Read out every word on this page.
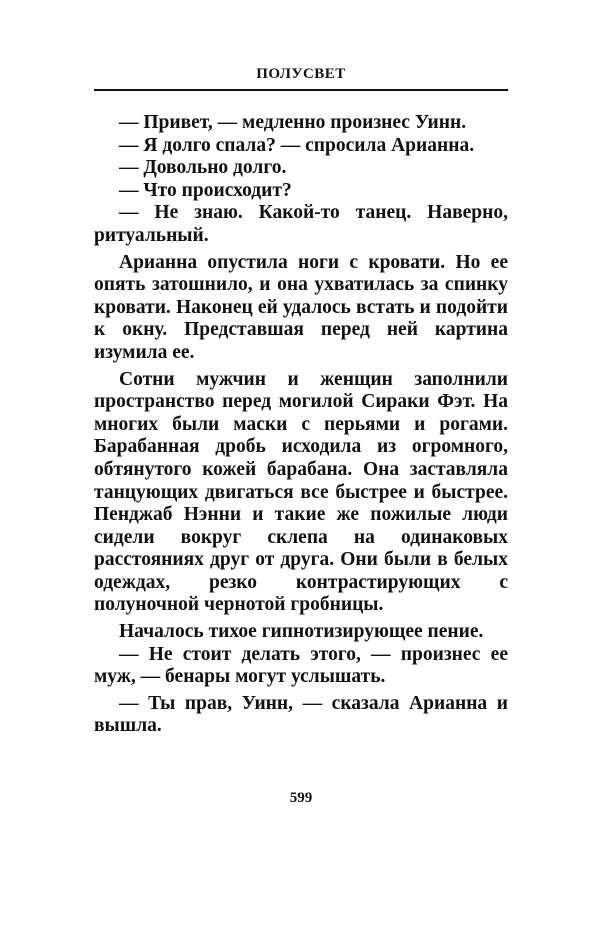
ПОЛУСВЕТ

— Привет, — медленно произнес Уинн.

— Я долго спала? — спросила Арианна.

— Довольно долго.

— Что происходит?

— Не знаю. Какой-то танец. Наверно, ритуальный.

Арианна опустила ноги с кровати. Но ее опять затошнило, и она ухватилась за спинку кровати. Наконец ей удалось встать и подойти к окну. Представшая перед ней картина изумила ее.

Сотни мужчин и женщин заполнили пространство перед могилой Сираки Фэт. На многих были маски с перьями и рогами. Барабанная дробь исходила из огромного, обтянутого кожей барабана. Она заставляла танцующих двигаться все быстрее и быстрее. Пенджаб Нэнни и такие же пожилые люди сидели вокруг склепа на одинаковых расстояниях друг от друга. Они были в белых одеждах, резко контрастирующих с полуночной чернотой гробницы.

Началось тихое гипнотизирующее пение.

— Не стоит делать этого, — произнес ее муж, — бенары могут услышать.

— Ты прав, Уинн, — сказала Арианна и вышла.

599
